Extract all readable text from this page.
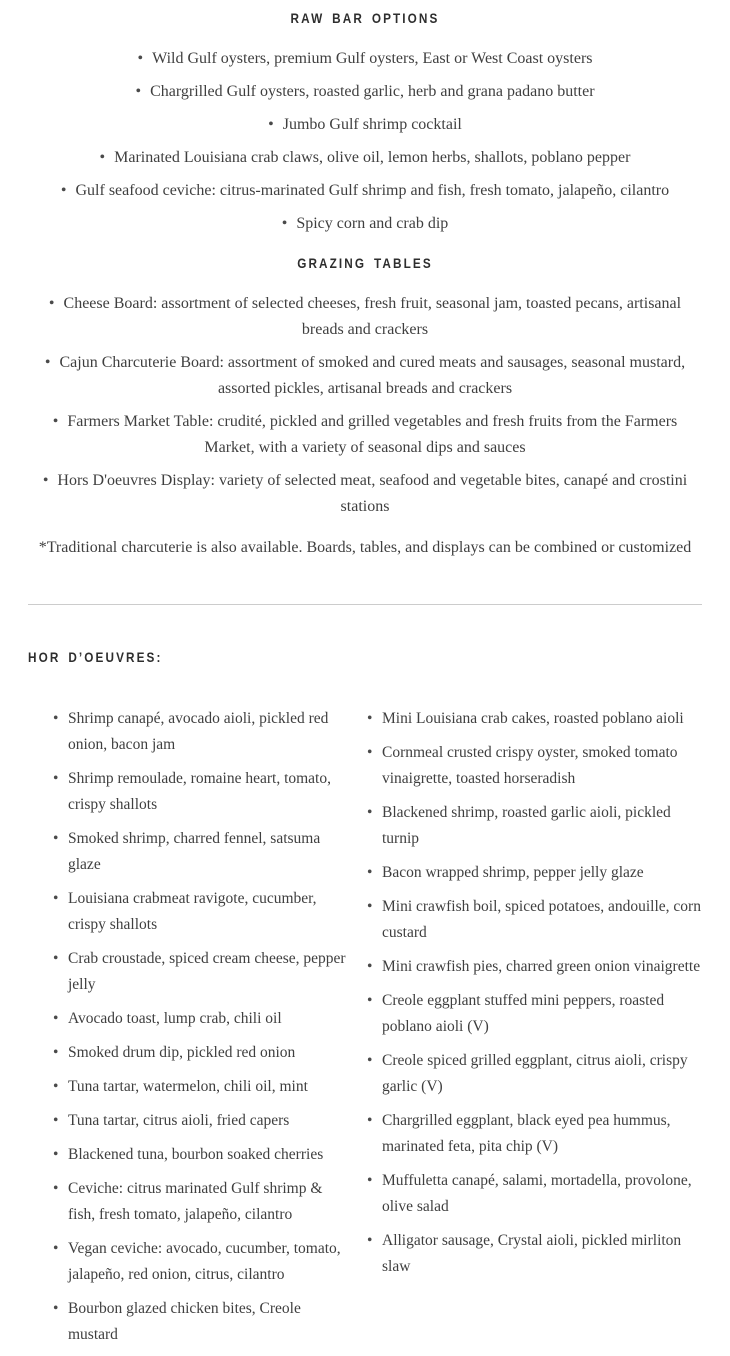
RAW BAR OPTIONS
• Wild Gulf oysters, premium Gulf oysters, East or West Coast oysters
• Chargrilled Gulf oysters, roasted garlic, herb and grana padano butter
• Jumbo Gulf shrimp cocktail
• Marinated Louisiana crab claws, olive oil, lemon herbs, shallots, poblano pepper
• Gulf seafood ceviche: citrus-marinated Gulf shrimp and fish, fresh tomato, jalapeño, cilantro
• Spicy corn and crab dip
GRAZING TABLES
• Cheese Board: assortment of selected cheeses, fresh fruit, seasonal jam, toasted pecans, artisanal breads and crackers
• Cajun Charcuterie Board: assortment of smoked and cured meats and sausages, seasonal mustard, assorted pickles, artisanal breads and crackers
• Farmers Market Table: crudité, pickled and grilled vegetables and fresh fruits from the Farmers Market, with a variety of seasonal dips and sauces
• Hors D'oeuvres Display: variety of selected meat, seafood and vegetable bites, canapé and crostini stations

*Traditional charcuterie is also available. Boards, tables, and displays can be combined or customized

HOR D’OEUVRES:
• Shrimp canapé, avocado aioli, pickled red onion, bacon jam
• Shrimp remoulade, romaine heart, tomato, crispy shallots
• Smoked shrimp, charred fennel, satsuma glaze
• Louisiana crabmeat ravigote, cucumber, crispy shallots
• Crab croustade, spiced cream cheese, pepper jelly
• Avocado toast, lump crab, chili oil
• Smoked drum dip, pickled red onion
• Tuna tartar, watermelon, chili oil, mint
• Tuna tartar, citrus aioli, fried capers
• Blackened tuna, bourbon soaked cherries
• Ceviche: citrus marinated Gulf shrimp & fish, fresh tomato, jalapeño, cilantro
• Vegan ceviche: avocado, cucumber, tomato, jalapeño, red onion, citrus, cilantro
• Bourbon glazed chicken bites, Creole mustard
• Mini Louisiana crab cakes, roasted poblano aioli
• Cornmeal crusted crispy oyster, smoked tomato vinaigrette, toasted horseradish
• Blackened shrimp, roasted garlic aioli, pickled turnip
• Bacon wrapped shrimp, pepper jelly glaze
• Mini crawfish boil, spiced potatoes, andouille, corn custard
• Mini crawfish pies, charred green onion vinaigrette
• Creole eggplant stuffed mini peppers, roasted poblano aioli (V)
• Creole spiced grilled eggplant, citrus aioli, crispy garlic (V)
• Chargrilled eggplant, black eyed pea hummus, marinated feta, pita chip (V)
• Muffuletta canapé, salami, mortadella, provolone, olive salad
• Alligator sausage, Crystal aioli, pickled mirliton slaw
